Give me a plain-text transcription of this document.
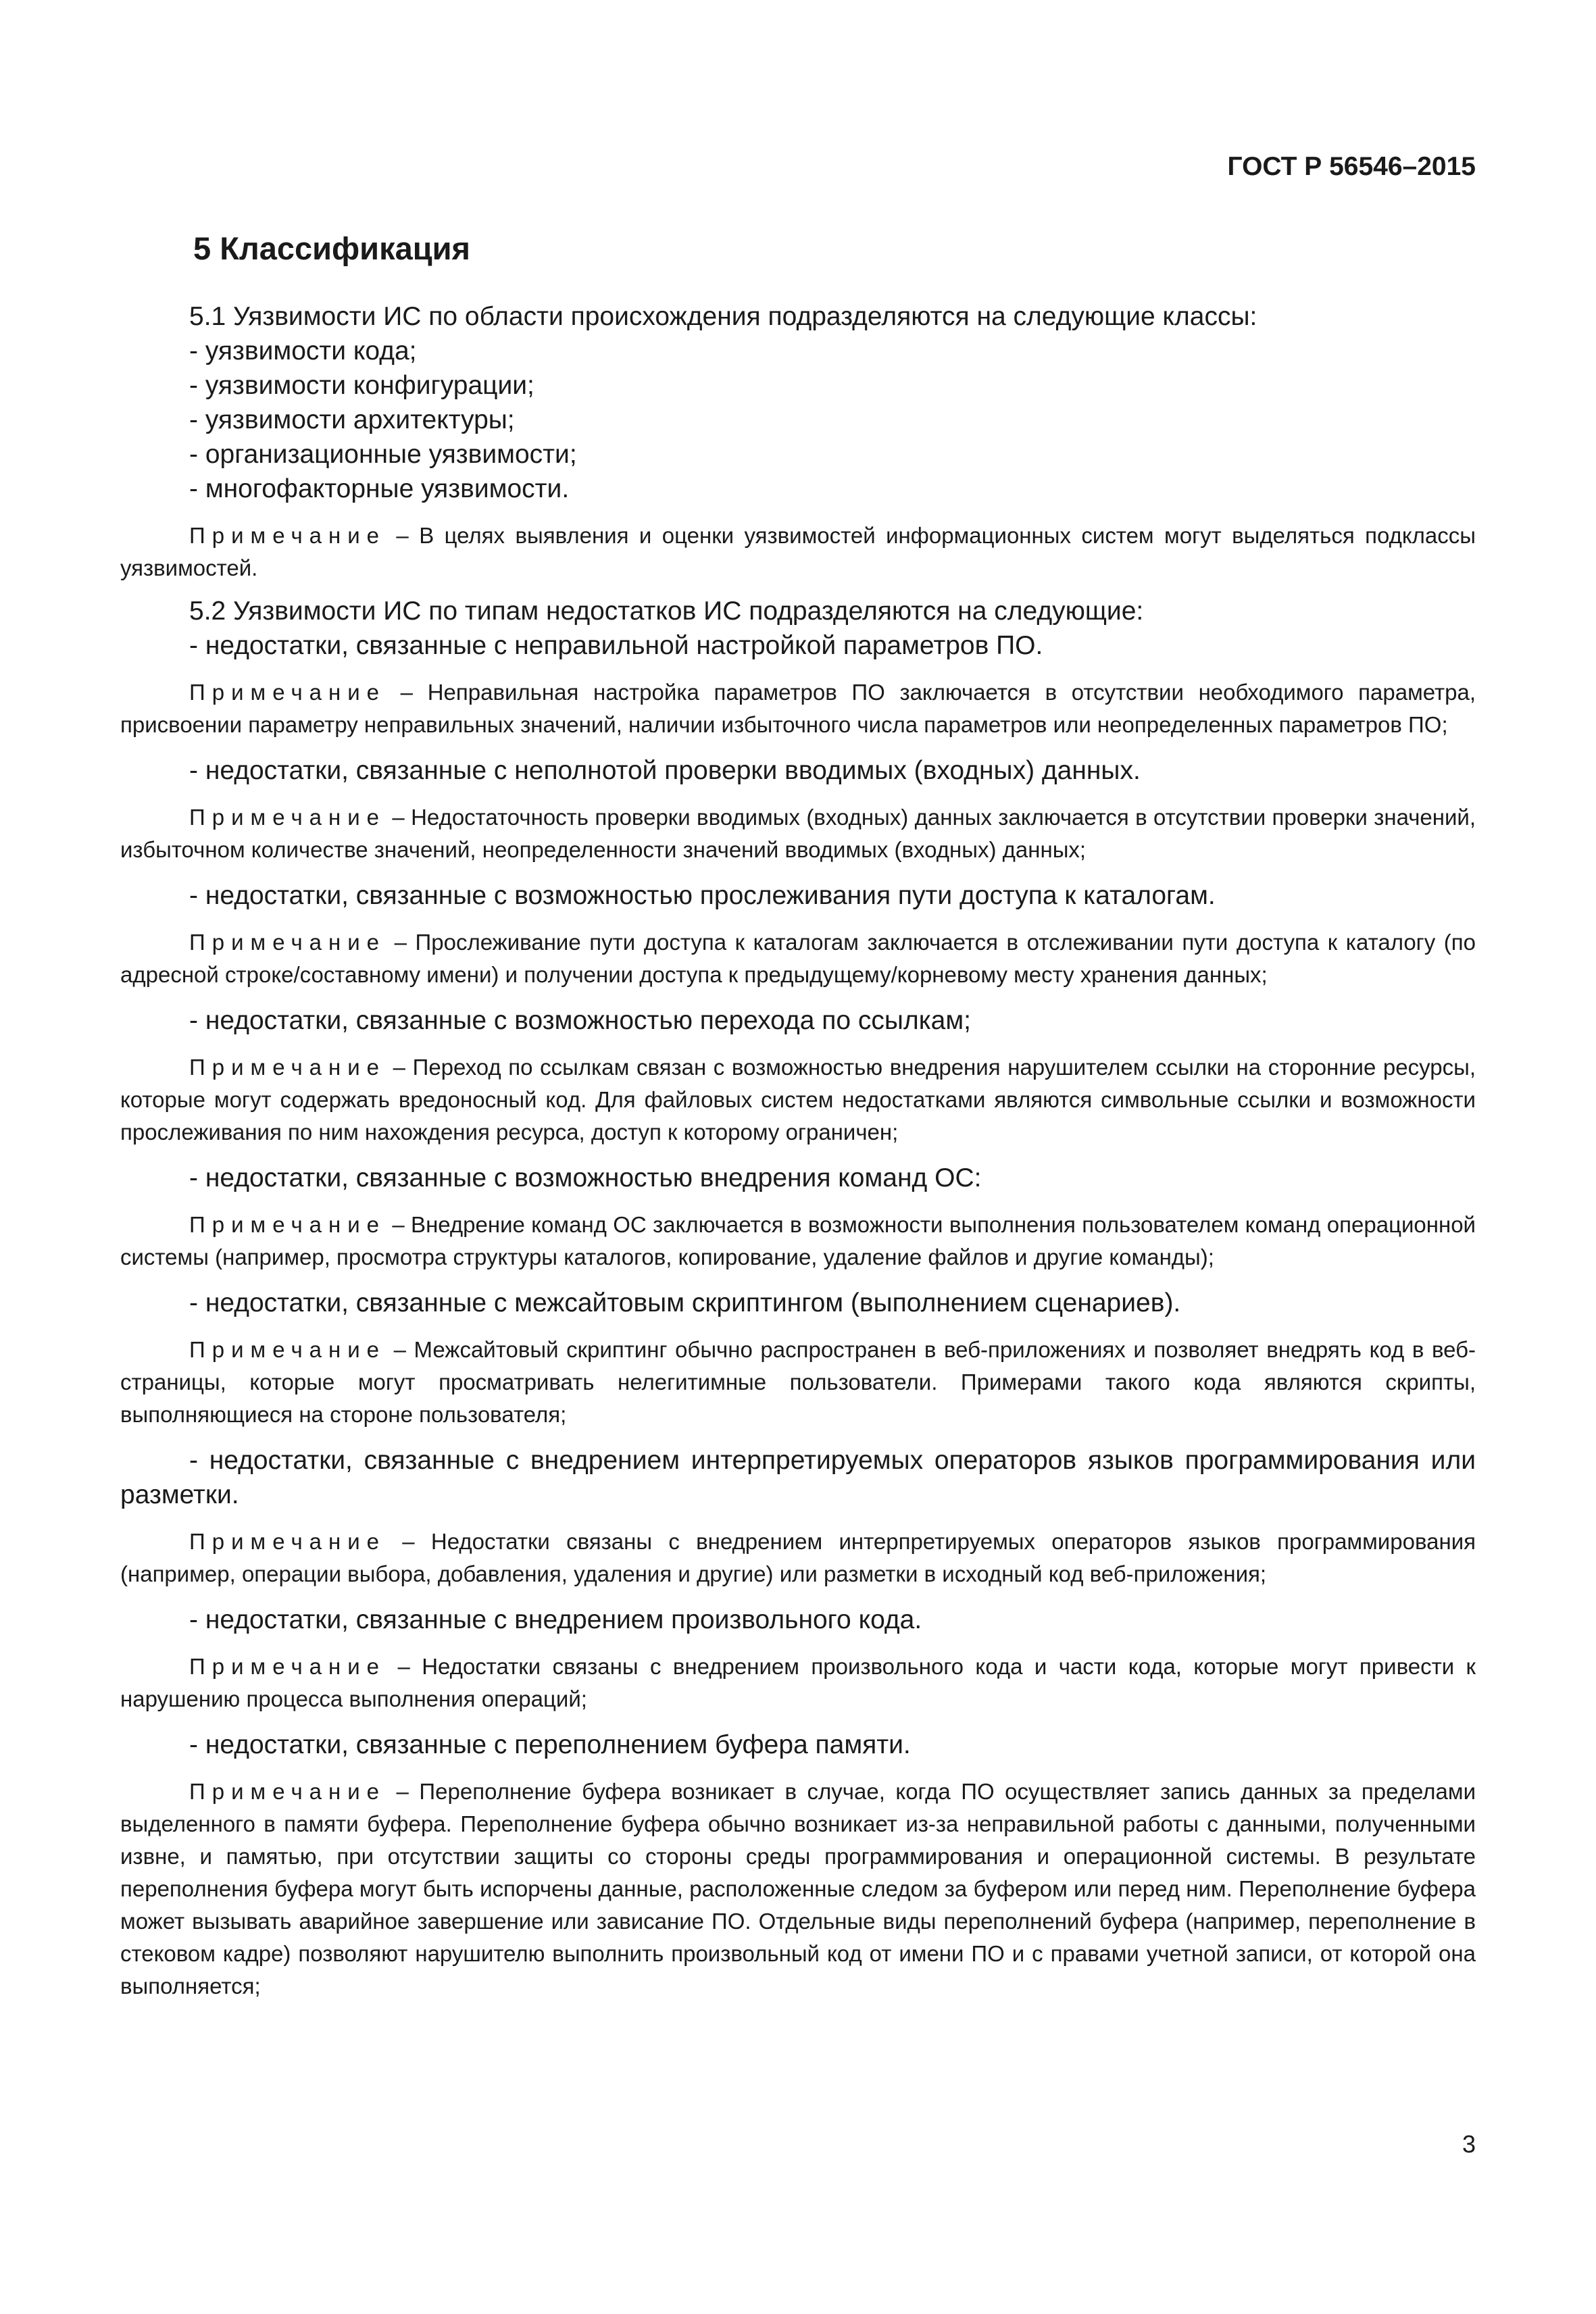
ГОСТ Р 56546–2015
5 Классификация

5.1 Уязвимости ИС по области происхождения подразделяются на следующие классы:

- уязвимости кода;

- уязвимости конфигурации;

- уязвимости архитектуры;

- организационные уязвимости;

- многофакторные уязвимости.

Примечание – В целях выявления и оценки уязвимостей информационных систем могут выделяться подклассы уязвимостей.

5.2 Уязвимости ИС по типам недостатков ИС подразделяются на следующие:

- недостатки, связанные с неправильной настройкой параметров ПО.

Примечание – Неправильная настройка параметров ПО заключается в отсутствии необходимого параметра, присвоении параметру неправильных значений, наличии избыточного числа параметров или неопределенных параметров ПО;

- недостатки, связанные с неполнотой проверки вводимых (входных) данных.

Примечание – Недостаточность проверки вводимых (входных) данных заключается в отсутствии проверки значений, избыточном количестве значений, неопределенности значений вводимых (входных) данных;

- недостатки, связанные с возможностью прослеживания пути доступа к каталогам.

Примечание – Прослеживание пути доступа к каталогам заключается в отслеживании пути доступа к каталогу (по адресной строке/составному имени) и получении доступа к предыдущему/корневому месту хранения данных;

- недостатки, связанные с возможностью перехода по ссылкам;

Примечание – Переход по ссылкам связан с возможностью внедрения нарушителем ссылки на сторонние ресурсы, которые могут содержать вредоносный код. Для файловых систем недостатками являются символьные ссылки и возможности прослеживания по ним нахождения ресурса, доступ к которому ограничен;

- недостатки, связанные с возможностью внедрения команд ОС:

Примечание – Внедрение команд ОС заключается в возможности выполнения пользователем команд операционной системы (например, просмотра структуры каталогов, копирование, удаление файлов и другие команды);

- недостатки, связанные с межсайтовым скриптингом (выполнением сценариев).

Примечание – Межсайтовый скриптинг обычно распространен в веб-приложениях и позволяет внедрять код в веб-страницы, которые могут просматривать нелегитимные пользователи. Примерами такого кода являются скрипты, выполняющиеся на стороне пользователя;

- недостатки, связанные с внедрением интерпретируемых операторов языков программирования или разметки.

Примечание – Недостатки связаны с внедрением интерпретируемых операторов языков программирования (например, операции выбора, добавления, удаления и другие) или разметки в исходный код веб-приложения;

- недостатки, связанные с внедрением произвольного кода.

Примечание – Недостатки связаны с внедрением произвольного кода и части кода, которые могут привести к нарушению процесса выполнения операций;

- недостатки, связанные с переполнением буфера памяти.

Примечание – Переполнение буфера возникает в случае, когда ПО осуществляет запись данных за пределами выделенного в памяти буфера. Переполнение буфера обычно возникает из-за неправильной работы с данными, полученными извне, и памятью, при отсутствии защиты со стороны среды программирования и операционной системы. В результате переполнения буфера могут быть испорчены данные, расположенные следом за буфером или перед ним. Переполнение буфера может вызывать аварийное завершение или зависание ПО. Отдельные виды переполнений буфера (например, переполнение в стековом кадре) позволяют нарушителю выполнить произвольный код от имени ПО и с правами учетной записи, от которой она выполняется;

3
